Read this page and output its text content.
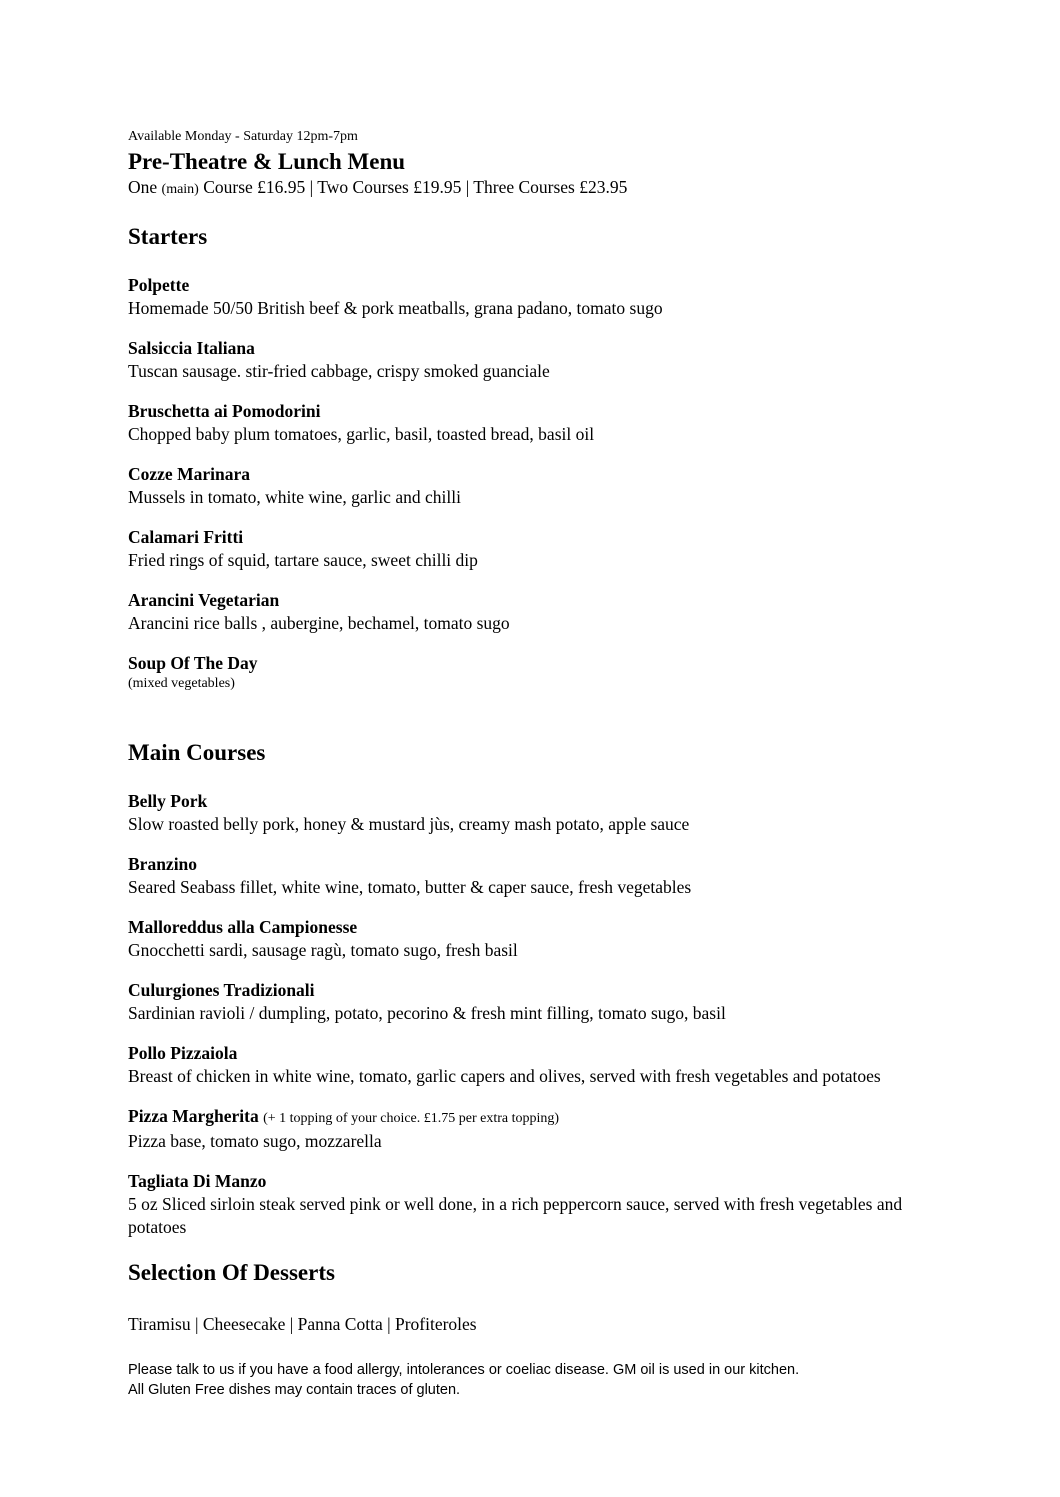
Available Monday - Saturday 12pm-7pm
Pre-Theatre & Lunch Menu
One (main) Course £16.95 | Two Courses £19.95 | Three Courses £23.95
Starters
Polpette
Homemade 50/50 British beef & pork meatballs, grana padano, tomato sugo
Salsiccia Italiana
Tuscan sausage. stir-fried cabbage, crispy smoked guanciale
Bruschetta ai Pomodorini
Chopped baby plum tomatoes, garlic, basil, toasted bread, basil oil
Cozze Marinara
Mussels in tomato, white wine, garlic and chilli
Calamari Fritti
Fried rings of squid, tartare sauce, sweet chilli dip
Arancini Vegetarian
Arancini rice balls , aubergine, bechamel, tomato sugo
Soup Of The Day
(mixed vegetables)
Main Courses
Belly Pork
Slow roasted belly pork, honey & mustard jùs, creamy mash potato, apple sauce
Branzino
Seared Seabass fillet, white wine, tomato, butter & caper sauce, fresh vegetables
Malloreddus alla Campionesse
Gnocchetti sardi, sausage ragù, tomato sugo, fresh basil
Culurgiones Tradizionali
Sardinian ravioli / dumpling, potato, pecorino & fresh mint filling, tomato sugo, basil
Pollo Pizzaiola
Breast of chicken in white wine, tomato, garlic capers and olives, served with fresh vegetables and potatoes
Pizza Margherita (+ 1 topping of your choice. £1.75 per extra topping)
Pizza base, tomato sugo, mozzarella
Tagliata Di Manzo
5 oz Sliced sirloin steak served pink or well done, in a rich peppercorn sauce, served with fresh vegetables and potatoes
Selection Of Desserts
Tiramisu | Cheesecake | Panna Cotta | Profiteroles
Please talk to us if you have a food allergy, intolerances or coeliac disease. GM oil is used in our kitchen.
All Gluten Free dishes may contain traces of gluten.
